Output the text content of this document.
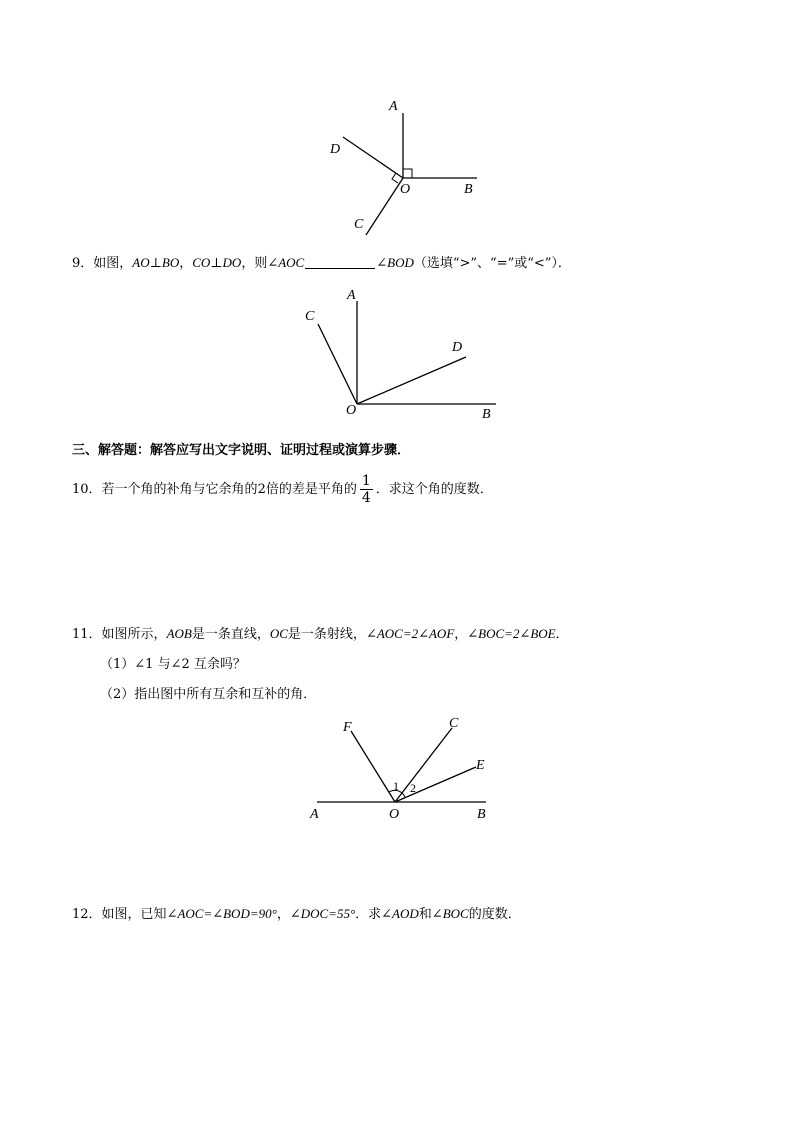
A
D
O	B
C
9．如图，AO⊥BO，CO⊥DO，则∠AOC	∠BOD（选填“>”、“=”或“<”）．
A
C
D
O	B
三、解答题：解答应写出文字说明、证明过程或演算步骤．
10．若一个角的补角与它余角的2倍的差是平角的 $\frac{1}{4}$ ．求这个角的度数．
11．如图所示，AOB是一条直线，OC是一条射线，∠AOC=2∠AOF，∠BOC=2∠BOE．
（1）∠1 与∠2 互余吗？
（2）指出图中所有互余和互补的角．
F	C
E
1 2
A	O	B
12．如图，已知∠AOC=∠BOD=90°，∠DOC=55°．求∠AOD和∠BOC的度数．
